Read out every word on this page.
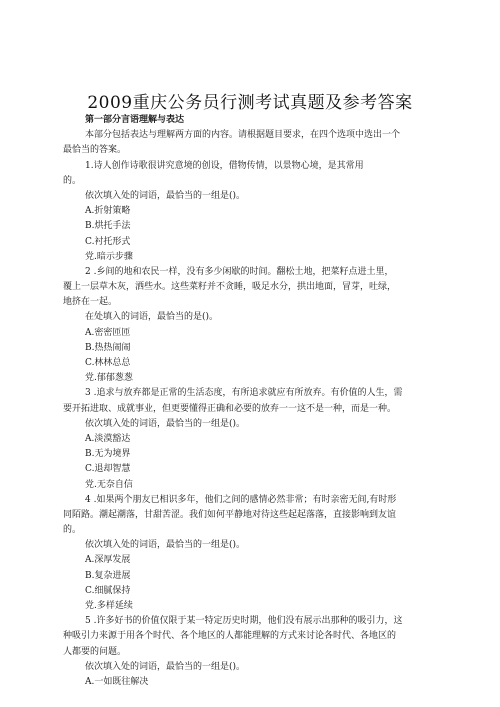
2009重庆公务员行测考试真题及参考答案

第一部分言语理解与表达

本部分包括表达与理解两方面的内容。请根据题目要求，在四个选项中选出一个

最恰当的答案。

1.诗人创作诗歌很讲究意境的创设，借物传情，以景物心境，是其常用

的。

依次填入处的词语，最恰当的一组是()。

A.折射策略

B.烘托手法

C.衬托形式

党.暗示步骤

2 .乡间的地和农民一样，没有多少闲歇的时间。翻松土地，把菜籽点进土里，

覆上一层草木灰，洒些水。这些菜籽并不贪睡，吸足水分，拱出地面，冒芽，吐绿，

地挤在一起。

在处填入的词语，最恰当的是()。

A.密密匝匝

B.热热闹闹

C.林林总总

党.郁郁葱葱

3 .追求与放弃都是正常的生活态度，有所追求就应有所放弃。有价值的人生，需

要开拓进取、成就事业，但更要懂得正确和必要的放弃一一这不是一种，而是一种。

依次填入处的词语，最恰当的一组是()。

A.淡漠豁达

B.无为境界

C.退却智慧

党.无奈自信

4 .如果两个朋友已相识多年，他们之间的感情必然非常；有时亲密无间,有时形

同陌路。潮起潮落，甘甜苦涩。我们如何平静地对待这些起起落落，直接影响到友谊

的。

依次填入处的词语，最恰当的一组是()。

A.深厚发展

B.复杂进展

C.细腻保持

党.多样延续

5 .许多好书的价值仅限于某一特定历史时期，他们没有展示出那种的吸引力，这

种吸引力来源于用各个时代、各个地区的人都能理解的方式来讨论各时代、各地区的

人都要的问题。

依次填入处的词语，最恰当的一组是()。

A.一如既往解决
